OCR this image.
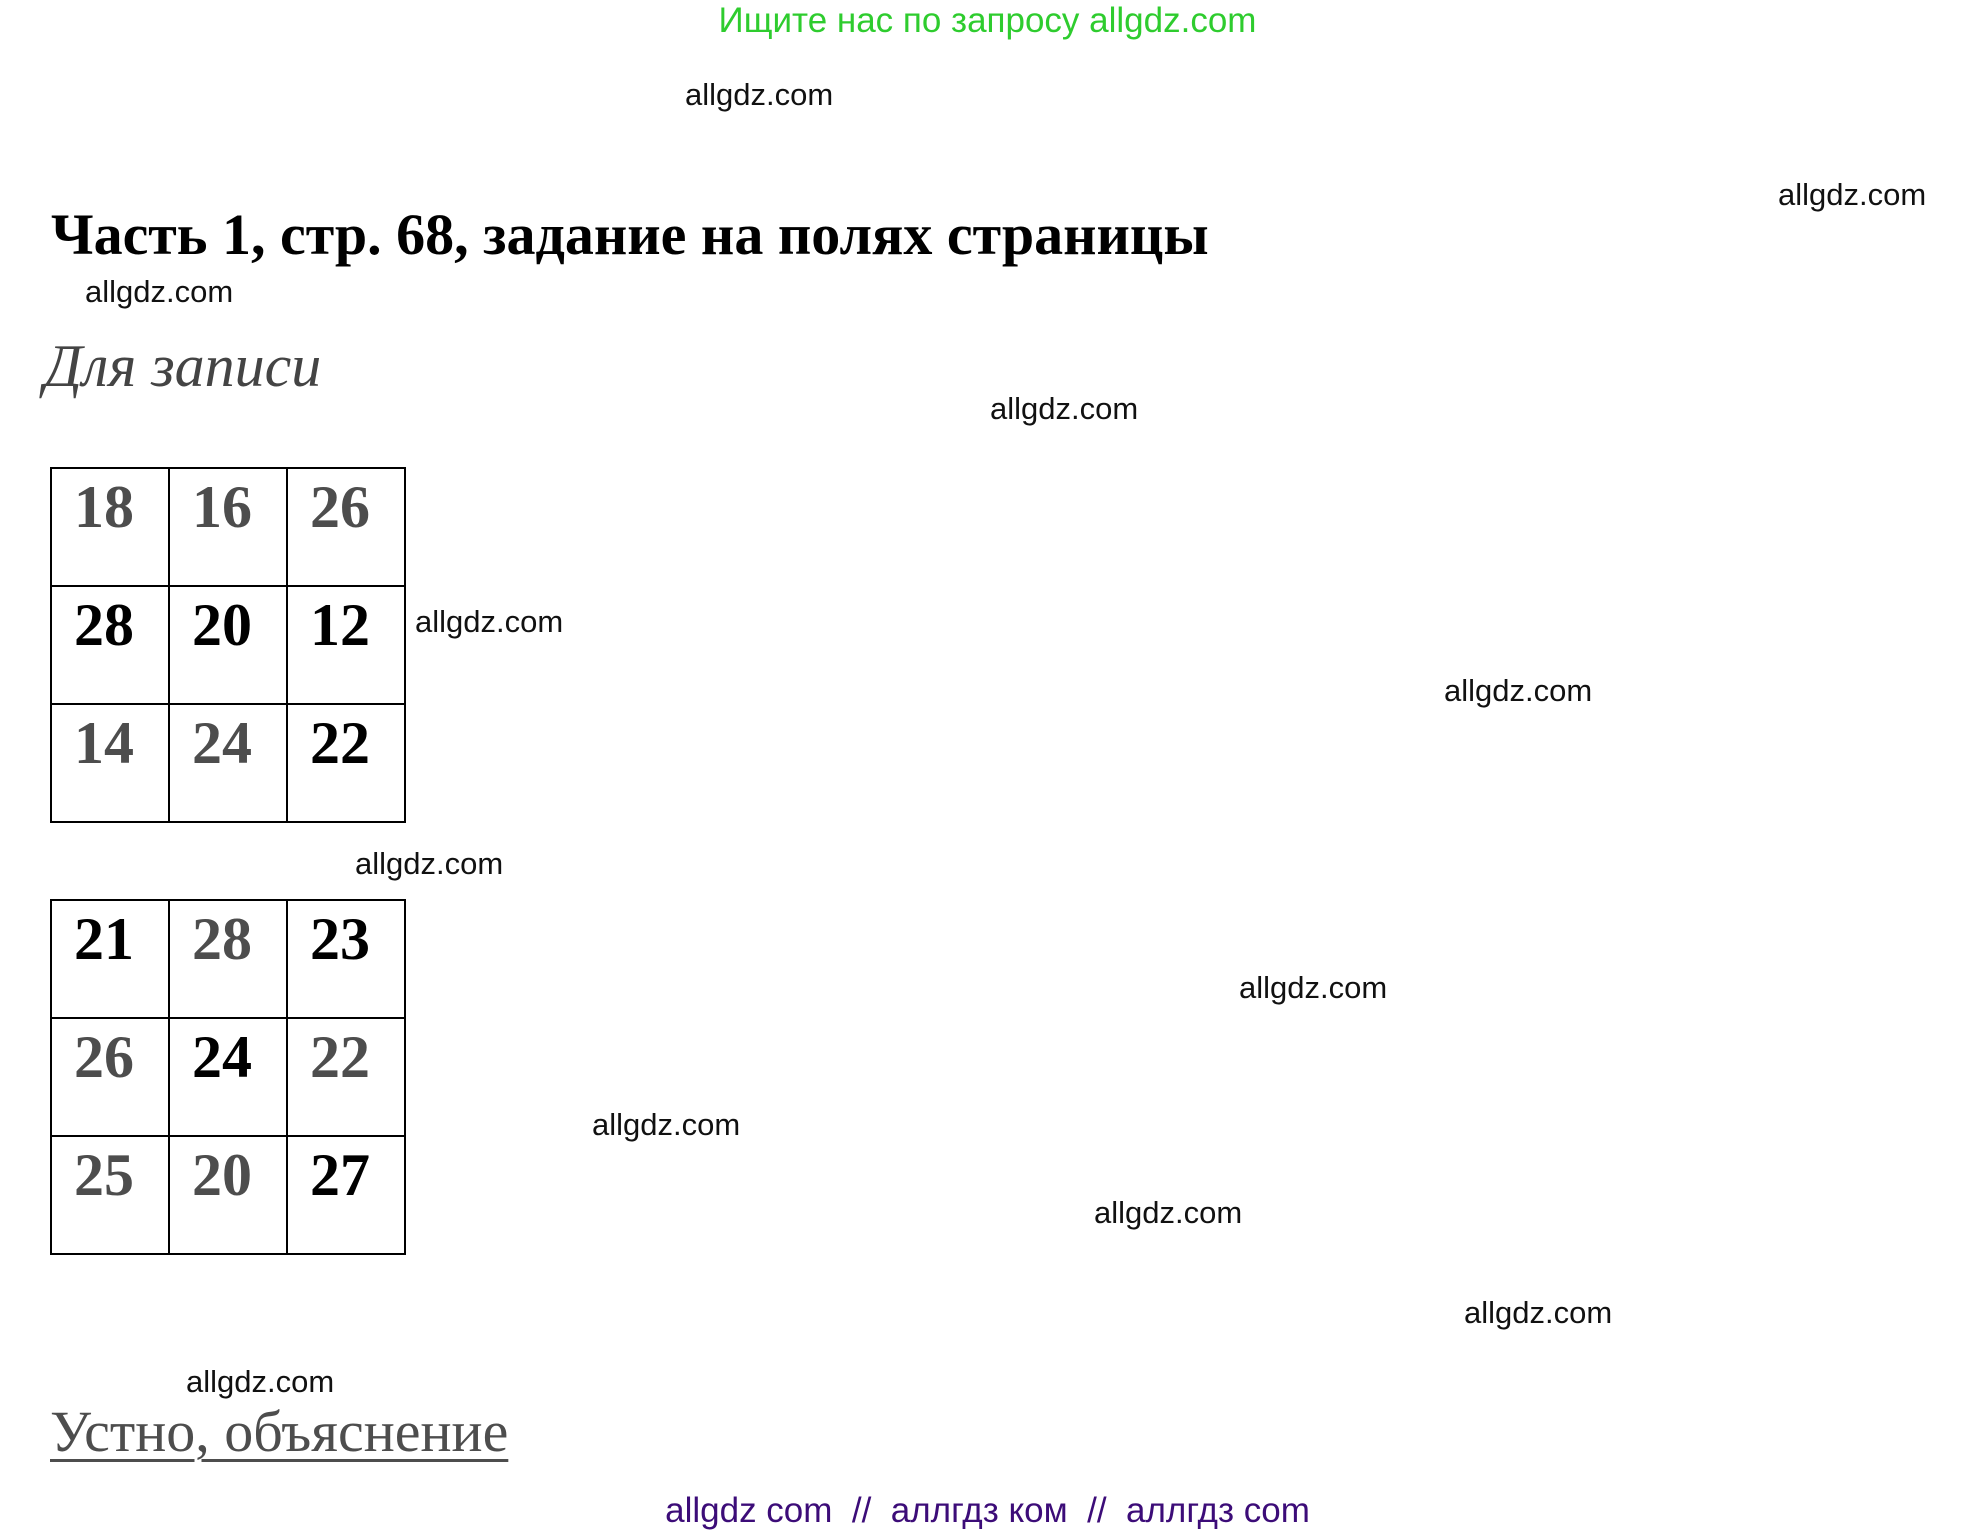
Ищите нас по запросу allgdz.com
allgdz.com
allgdz.com
allgdz.com
allgdz.com
allgdz.com
allgdz.com
allgdz.com
allgdz.com
allgdz.com
allgdz.com
allgdz.com
allgdz.com
Часть 1, стр. 68, задание на полях страницы
Для записи
18	16	26
28	20	12
14	24	22
21	28	23
26	24	22
25	20	27
Устно, объяснение
allgdz com  //  аллгдз ком  //  аллгдз com
